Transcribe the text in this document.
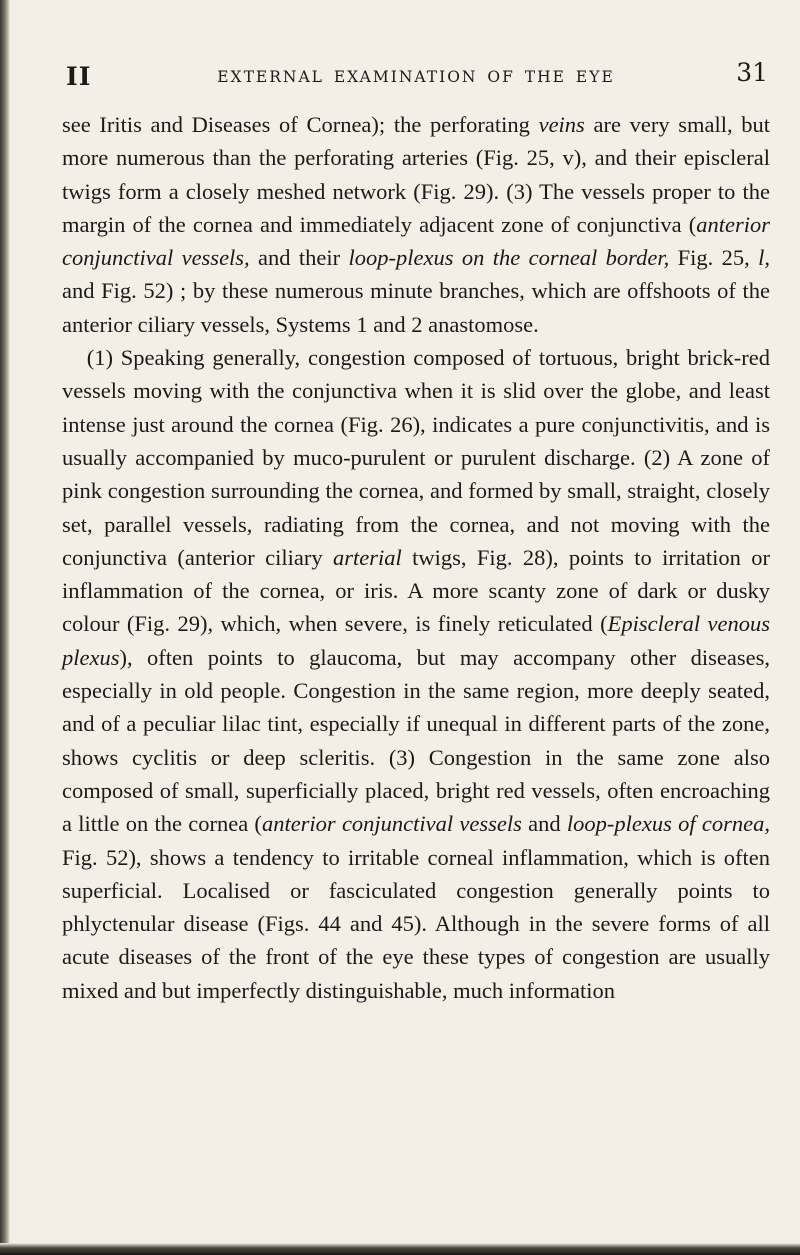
II	EXTERNAL EXAMINATION OF THE EYE	31
see Iritis and Diseases of Cornea); the perforating veins are very small, but more numerous than the perforating arteries (Fig. 25, v), and their episcleral twigs form a closely meshed network (Fig. 29). (3) The vessels proper to the margin of the cornea and immediately adjacent zone of conjunctiva (anterior conjunctival vessels, and their loop-plexus on the corneal border, Fig. 25, l, and Fig. 52) ; by these numerous minute branches, which are offshoots of the anterior ciliary vessels, Systems 1 and 2 anastomose.
(1) Speaking generally, congestion composed of tortuous, bright brick-red vessels moving with the conjunctiva when it is slid over the globe, and least intense just around the cornea (Fig. 26), indicates a pure conjunctivitis, and is usually accompanied by muco-purulent or purulent discharge. (2) A zone of pink congestion surrounding the cornea, and formed by small, straight, closely set, parallel vessels, radiating from the cornea, and not moving with the conjunctiva (anterior ciliary arterial twigs, Fig. 28), points to irritation or inflammation of the cornea, or iris. A more scanty zone of dark or dusky colour (Fig. 29), which, when severe, is finely reticulated (Episcleral venous plexus), often points to glaucoma, but may accompany other diseases, especially in old people. Congestion in the same region, more deeply seated, and of a peculiar lilac tint, especially if unequal in different parts of the zone, shows cyclitis or deep scleritis. (3) Congestion in the same zone also composed of small, superficially placed, bright red vessels, often encroaching a little on the cornea (anterior conjunctival vessels and loop-plexus of cornea, Fig. 52), shows a tendency to irritable corneal inflammation, which is often superficial. Localised or fasciculated congestion generally points to phlyctenular disease (Figs. 44 and 45). Although in the severe forms of all acute diseases of the front of the eye these types of congestion are usually mixed and but imperfectly distinguishable, much information
